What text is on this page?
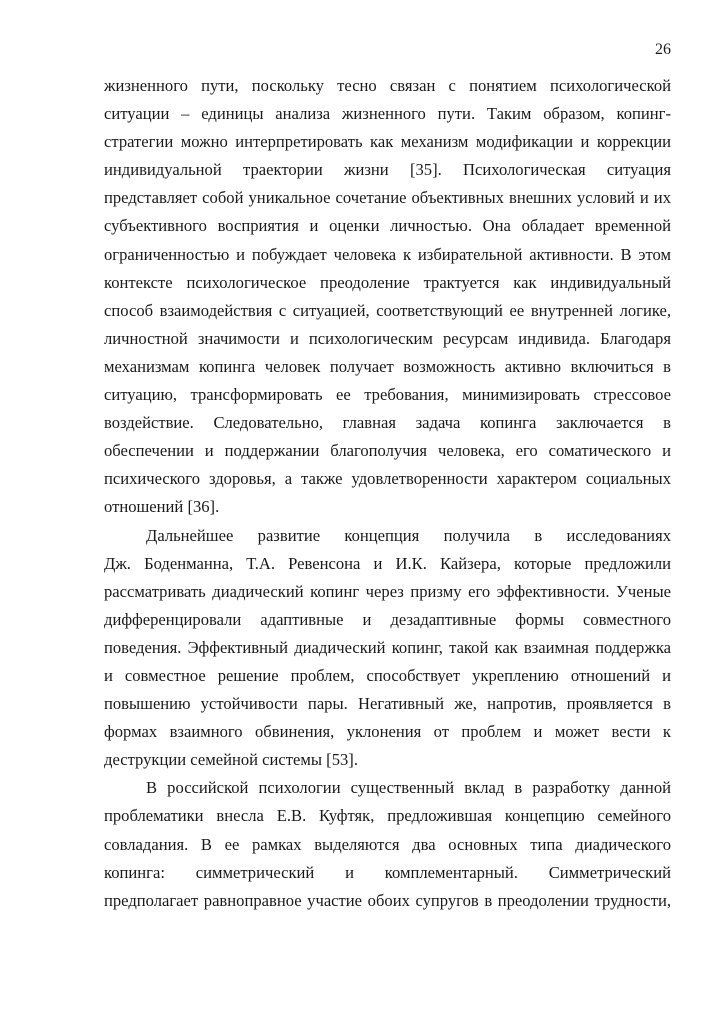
26
жизненного пути, поскольку тесно связан с понятием психологической
ситуации – единицы анализа жизненного пути. Таким образом, копинг-
стратегии можно интерпретировать как механизм модификации и коррекции
индивидуальной траектории жизни [35]. Психологическая ситуация
представляет собой уникальное сочетание объективных внешних условий и их
субъективного восприятия и оценки личностью. Она обладает временной
ограниченностью и побуждает человека к избирательной активности. В этом
контексте психологическое преодоление трактуется как индивидуальный
способ взаимодействия с ситуацией, соответствующий ее внутренней логике,
личностной значимости и психологическим ресурсам индивида. Благодаря
механизмам копинга человек получает возможность активно включиться в
ситуацию, трансформировать ее требования, минимизировать стрессовое
воздействие. Следовательно, главная задача копинга заключается в
обеспечении и поддержании благополучия человека, его соматического и
психического здоровья, а также удовлетворенности характером социальных
отношений [36].
Дальнейшее развитие концепция получила в исследованиях
Дж. Боденманна, Т.А. Ревенсона и И.К. Кайзера, которые предложили
рассматривать диадический копинг через призму его эффективности. Ученые
дифференцировали адаптивные и дезадаптивные формы совместного
поведения. Эффективный диадический копинг, такой как взаимная поддержка
и совместное решение проблем, способствует укреплению отношений и
повышению устойчивости пары. Негативный же, напротив, проявляется в
формах взаимного обвинения, уклонения от проблем и может вести к
деструкции семейной системы [53].
В российской психологии существенный вклад в разработку данной
проблематики внесла Е.В. Куфтяк, предложившая концепцию семейного
совладания. В ее рамках выделяются два основных типа диадического
копинга: симметрический и комплементарный. Симметрический
предполагает равноправное участие обоих супругов в преодолении трудности,
